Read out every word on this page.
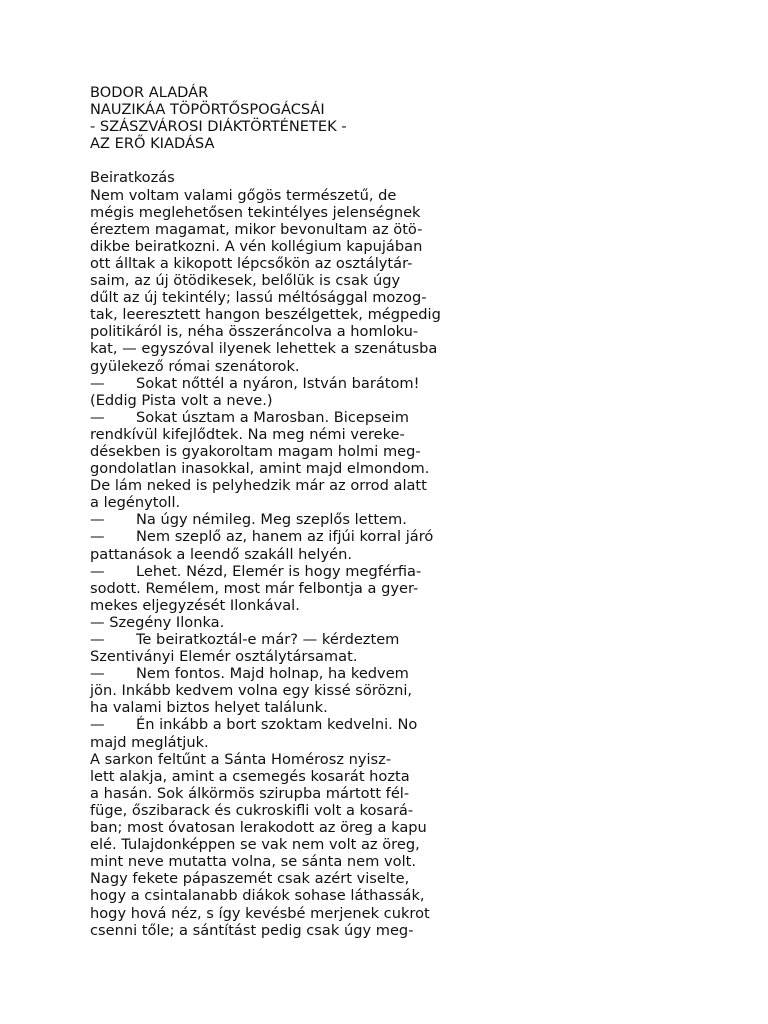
BODOR ALADÁR
NAUZIKÁA TÖPÖRTŐSPOGÁCSÁI
- SZÁSZVÁROSI DIÁKTÖRTÉNETEK -
AZ ERŐ KIADÁSA
Beiratkozás
Nem voltam valami gőgös természetű, de
mégis meglehetősen tekintélyes jelenségnek
éreztem magamat, mikor bevonultam az ötö-
dikbe beiratkozni. A vén kollégium kapujában
ott álltak a kikopott lépcsőkön az osztálytár-
saim, az új ötödikesek, belőlük is csak úgy
dűlt az új tekintély; lassú méltósággal mozog-
tak, leeresztett hangon beszélgettek, mégpedig
politikáról is, néha összeráncolva a homloku-
kat, — egyszóval ilyenek lehettek a szenátusba
gyülekező római szenátorok.
— Sokat nőttél a nyáron, István barátom!
(Eddig Pista volt a neve.)
— Sokat úsztam a Marosban. Bicepseim
rendkívül kifejlődtek. Na meg némi vereke-
désekben is gyakoroltam magam holmi meg-
gondolatlan inasokkal, amint majd elmondom.
De lám neked is pelyhedzik már az orrod alatt
a legénytoll.
— Na úgy némileg. Meg szeplős lettem.
— Nem szeplő az, hanem az ifjúi korral járó
pattanások a leendő szakáll helyén.
— Lehet. Nézd, Elemér is hogy megférfia-
sodott. Remélem, most már felbontja a gyer-
mekes eljegyzését Ilonkával.
— Szegény Ilonka.
— Te beiratkoztál-e már? — kérdeztem
Szentiványi Elemér osztálytársamat.
— Nem fontos. Majd holnap, ha kedvem
jön. Inkább kedvem volna egy kissé sörözni,
ha valami biztos helyet találunk.
— Én inkább a bort szoktam kedvelni. No
majd meglátjuk.
A sarkon feltűnt a Sánta Homérosz nyisz-
lett alakja, amint a csemegés kosarát hozta
a hasán. Sok álkörmös szirupba mártott fél-
füge, őszibarack és cukroskifli volt a kosará-
ban; most óvatosan lerakodott az öreg a kapu
elé. Tulajdonképpen se vak nem volt az öreg,
mint neve mutatta volna, se sánta nem volt.
Nagy fekete pápaszemét csak azért viselte,
hogy a csintalanabb diákok sohase láthassák,
hogy hová néz, s így kevésbé merjenek cukrot
csenni tőle; a sántítást pedig csak úgy meg-
